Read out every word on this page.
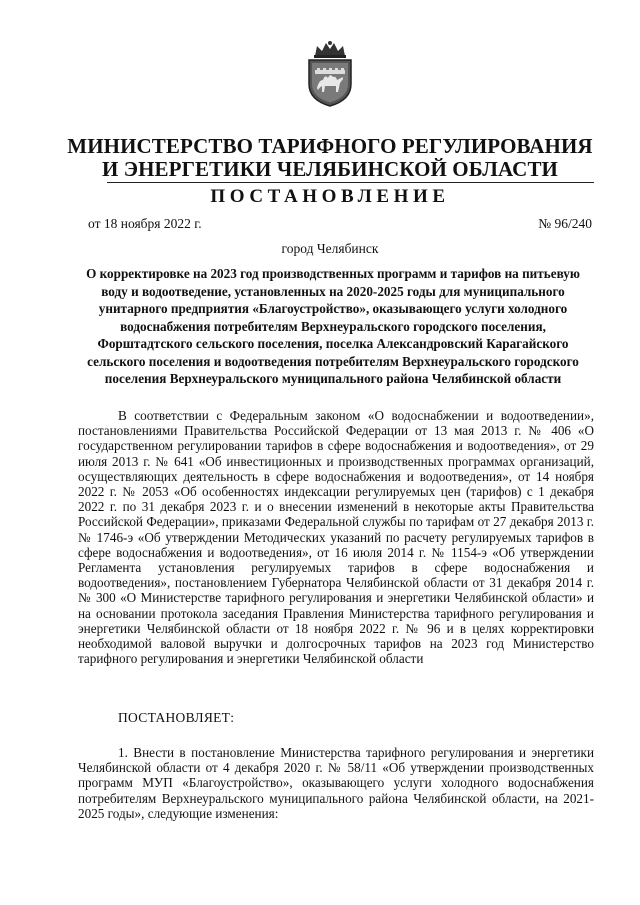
МИНИСТЕРСТВО ТАРИФНОГО РЕГУЛИРОВАНИЯ
И ЭНЕРГЕТИКИ ЧЕЛЯБИНСКОЙ ОБЛАСТИ
ПОСТАНОВЛЕНИЕ
от 18 ноября 2022 г.	№ 96/240
город Челябинск
О корректировке на 2023 год производственных программ и тарифов на питьевую воду и водоотведение, установленных на 2020-2025 годы для муниципального унитарного предприятия «Благоустройство», оказывающего услуги холодного водоснабжения потребителям Верхнеуральского городского поселения, Форштадтского сельского поселения, поселка Александровский Карагайского сельского поселения и водоотведения потребителям Верхнеуральского городского поселения Верхнеуральского муниципального района Челябинской области
В соответствии с Федеральным законом «О водоснабжении и водоотведении», постановлениями Правительства Российской Федерации от 13 мая 2013 г. № 406 «О государственном регулировании тарифов в сфере водоснабжения и водоотведения», от 29 июля 2013 г. № 641 «Об инвестиционных и производственных программах организаций, осуществляющих деятельность в сфере водоснабжения и водоотведения», от 14 ноября 2022 г. № 2053 «Об особенностях индексации регулируемых цен (тарифов) с 1 декабря 2022 г. по 31 декабря 2023 г. и о внесении изменений в некоторые акты Правительства Российской Федерации», приказами Федеральной службы по тарифам от 27 декабря 2013 г. № 1746-э «Об утверждении Методических указаний по расчету регулируемых тарифов в сфере водоснабжения и водоотведения», от 16 июля 2014 г. № 1154-э «Об утверждении Регламента установления регулируемых тарифов в сфере водоснабжения и водоотведения», постановлением Губернатора Челябинской области от 31 декабря 2014 г. № 300 «О Министерстве тарифного регулирования и энергетики Челябинской области» и на основании протокола заседания Правления Министерства тарифного регулирования и энергетики Челябинской области от 18 ноября 2022 г. № 96 и в целях корректировки необходимой валовой выручки и долгосрочных тарифов на 2023 год Министерство тарифного регулирования и энергетики Челябинской области
ПОСТАНОВЛЯЕТ:
1. Внести в постановление Министерства тарифного регулирования и энергетики Челябинской области от 4 декабря 2020 г. № 58/11 «Об утверждении производственных программ МУП «Благоустройство», оказывающего услуги холодного водоснабжения потребителям Верхнеуральского муниципального района Челябинской области, на 2021-2025 годы», следующие изменения:
